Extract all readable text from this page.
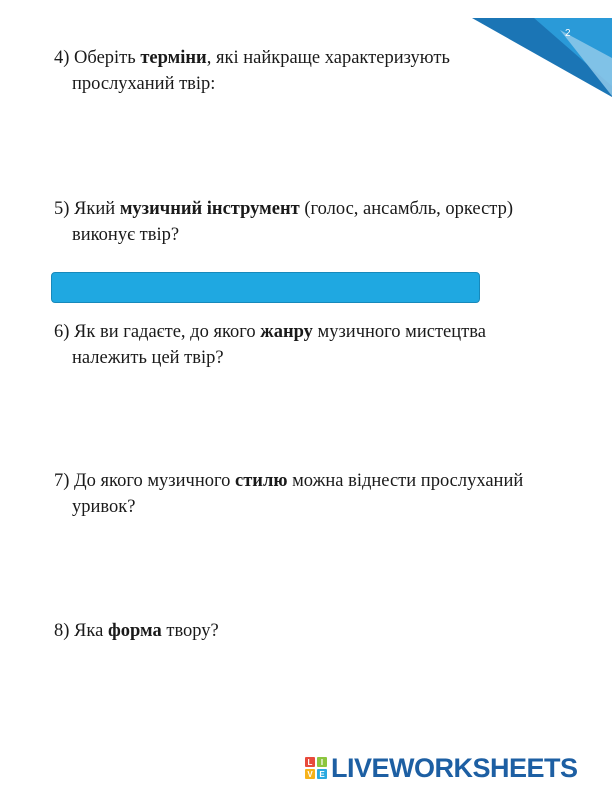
2
4) Оберіть терміни, які найкраще характеризують
прослуханий твір:
5) Який музичний інструмент (голос, ансамбль, оркестр)
виконує твір?
6) Як ви гадаєте, до якого жанру музичного мистецтва
належить цей твір?
7) До якого музичного стилю можна віднести прослуханий
уривок?
8) Яка форма твору?
L	I
V E LIVEWORKSHEETS
